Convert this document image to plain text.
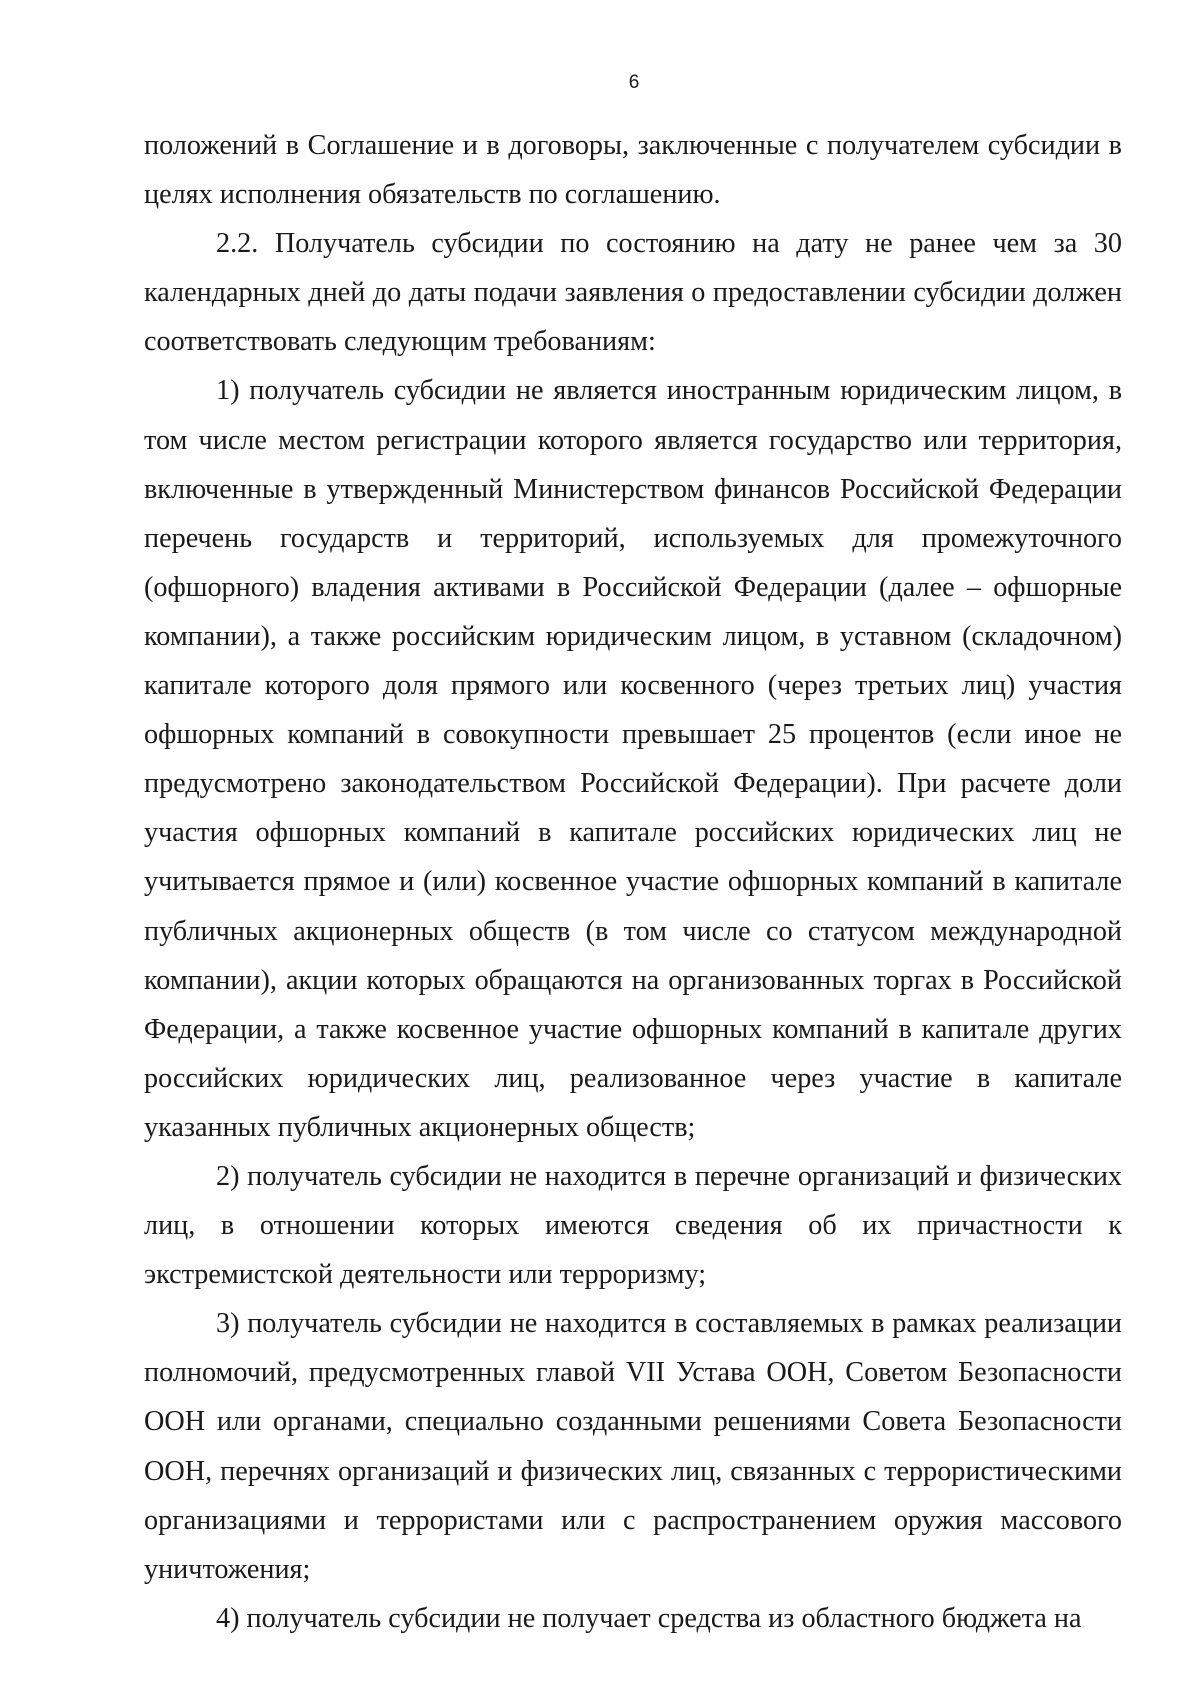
6

положений в Соглашение и в договоры, заключенные с получателем субсидии в целях исполнения обязательств по соглашению.

2.2. Получатель субсидии по состоянию на дату не ранее чем за 30 календарных дней до даты подачи заявления о предоставлении субсидии должен соответствовать следующим требованиям:

1) получатель субсидии не является иностранным юридическим лицом, в том числе местом регистрации которого является государство или территория, включенные в утвержденный Министерством финансов Российской Федерации перечень государств и территорий, используемых для промежуточного (офшорного) владения активами в Российской Федерации (далее – офшорные компании), а также российским юридическим лицом, в уставном (складочном) капитале которого доля прямого или косвенного (через третьих лиц) участия офшорных компаний в совокупности превышает 25 процентов (если иное не предусмотрено законодательством Российской Федерации). При расчете доли участия офшорных компаний в капитале российских юридических лиц не учитывается прямое и (или) косвенное участие офшорных компаний в капитале публичных акционерных обществ (в том числе со статусом международной компании), акции которых обращаются на организованных торгах в Российской Федерации, а также косвенное участие офшорных компаний в капитале других российских юридических лиц, реализованное через участие в капитале указанных публичных акционерных обществ;

2) получатель субсидии не находится в перечне организаций и физических лиц, в отношении которых имеются сведения об их причастности к экстремистской деятельности или терроризму;

3) получатель субсидии не находится в составляемых в рамках реализации полномочий, предусмотренных главой VII Устава ООН, Советом Безопасности ООН или органами, специально созданными решениями Совета Безопасности ООН, перечнях организаций и физических лиц, связанных с террористическими организациями и террористами или с распространением оружия массового уничтожения;

4) получатель субсидии не получает средства из областного бюджета на
